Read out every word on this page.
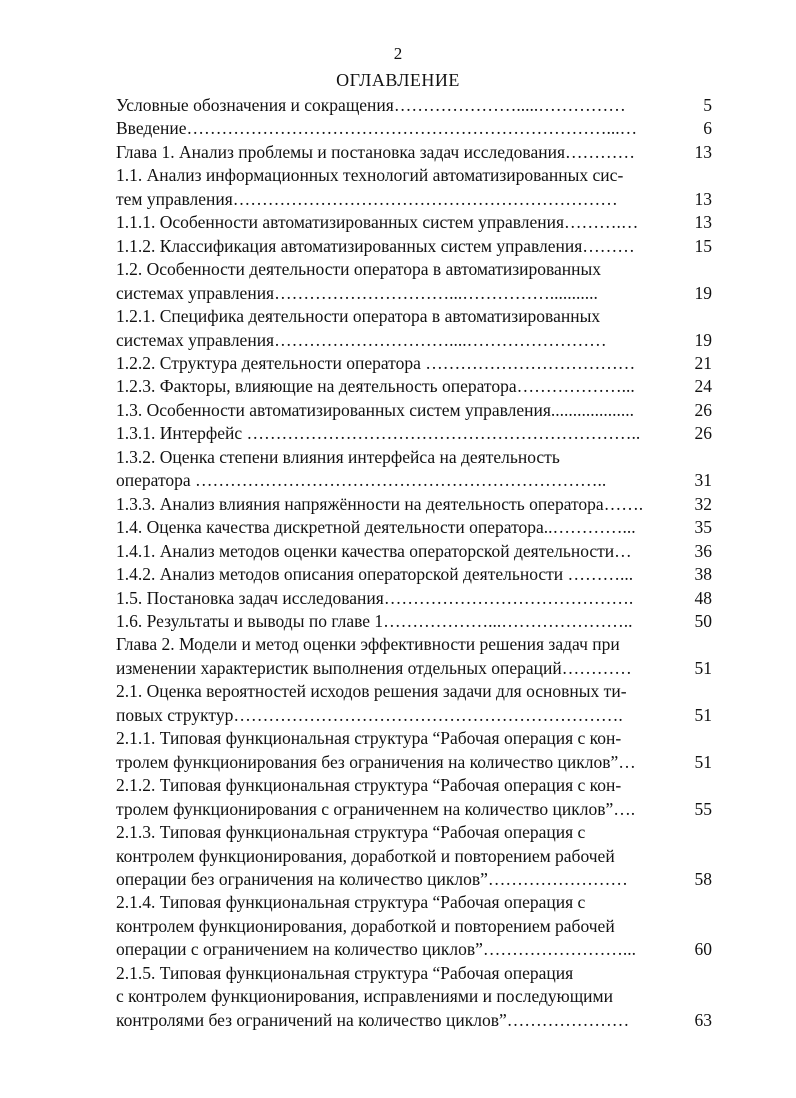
2
ОГЛАВЛЕНИЕ
Условные обозначения и сокращения………………….....……………	5
Введение………………………………………………………………...…	6
Глава 1. Анализ проблемы и постановка задач исследования…………	13
1.1. Анализ информационных технологий автоматизированных сис-
тем управления…………………………………………………………	13
1.1.1. Особенности автоматизированных систем управления……….…	13
1.1.2. Классификация автоматизированных систем управления………	15
1.2. Особенности деятельности оператора в автоматизированных
системах управления…………………………...……………...........	19
1.2.1. Специфика деятельности оператора в автоматизированных
системах управления…………………………....……………………	19
1.2.2. Структура деятельности оператора ………………………………	21
1.2.3. Факторы, влияющие на деятельность оператора………………...	24
1.3. Особенности автоматизированных систем управления...................	26
1.3.1. Интерфейс …………………………………………………………..	26
1.3.2. Оценка степени влияния интерфейса на деятельность
оператора ……………………………………………………………..	31
1.3.3. Анализ влияния напряжённости на деятельность оператора…….	32
1.4. Оценка качества дискретной деятельности оператора..…………...	35
1.4.1. Анализ методов оценки качества операторской деятельности…	36
1.4.2. Анализ методов описания операторской деятельности ………...	38
1.5. Постановка задач исследования…………………………………….	48
1.6. Результаты и выводы по главе 1………………...…………………..	50
Глава 2. Модели и метод оценки эффективности решения задач при
изменении характеристик выполнения отдельных операций…………	51
2.1. Оценка вероятностей исходов решения задачи для основных ти-
повых структур………………………………………………………….	51
2.1.1. Типовая функциональная структура “Рабочая операция с кон-
тролем функционирования без ограничения на количество циклов”…	51
2.1.2. Типовая функциональная структура “Рабочая операция с кон-
тролем функционирования с ограниченнем на количество циклов”….	55
2.1.3. Типовая функциональная структура “Рабочая операция с
контролем функционирования, доработкой и повторением рабочей
операции без ограничения на количество циклов”……………………	58
2.1.4. Типовая функциональная структура “Рабочая операция с
контролем функционирования, доработкой и повторением рабочей
операции с ограничением на количество циклов”……………………...	60
2.1.5. Типовая функциональная структура “Рабочая операция
с контролем функционирования, исправлениями и последующими
контролями без ограничений на количество циклов”…………………	63
